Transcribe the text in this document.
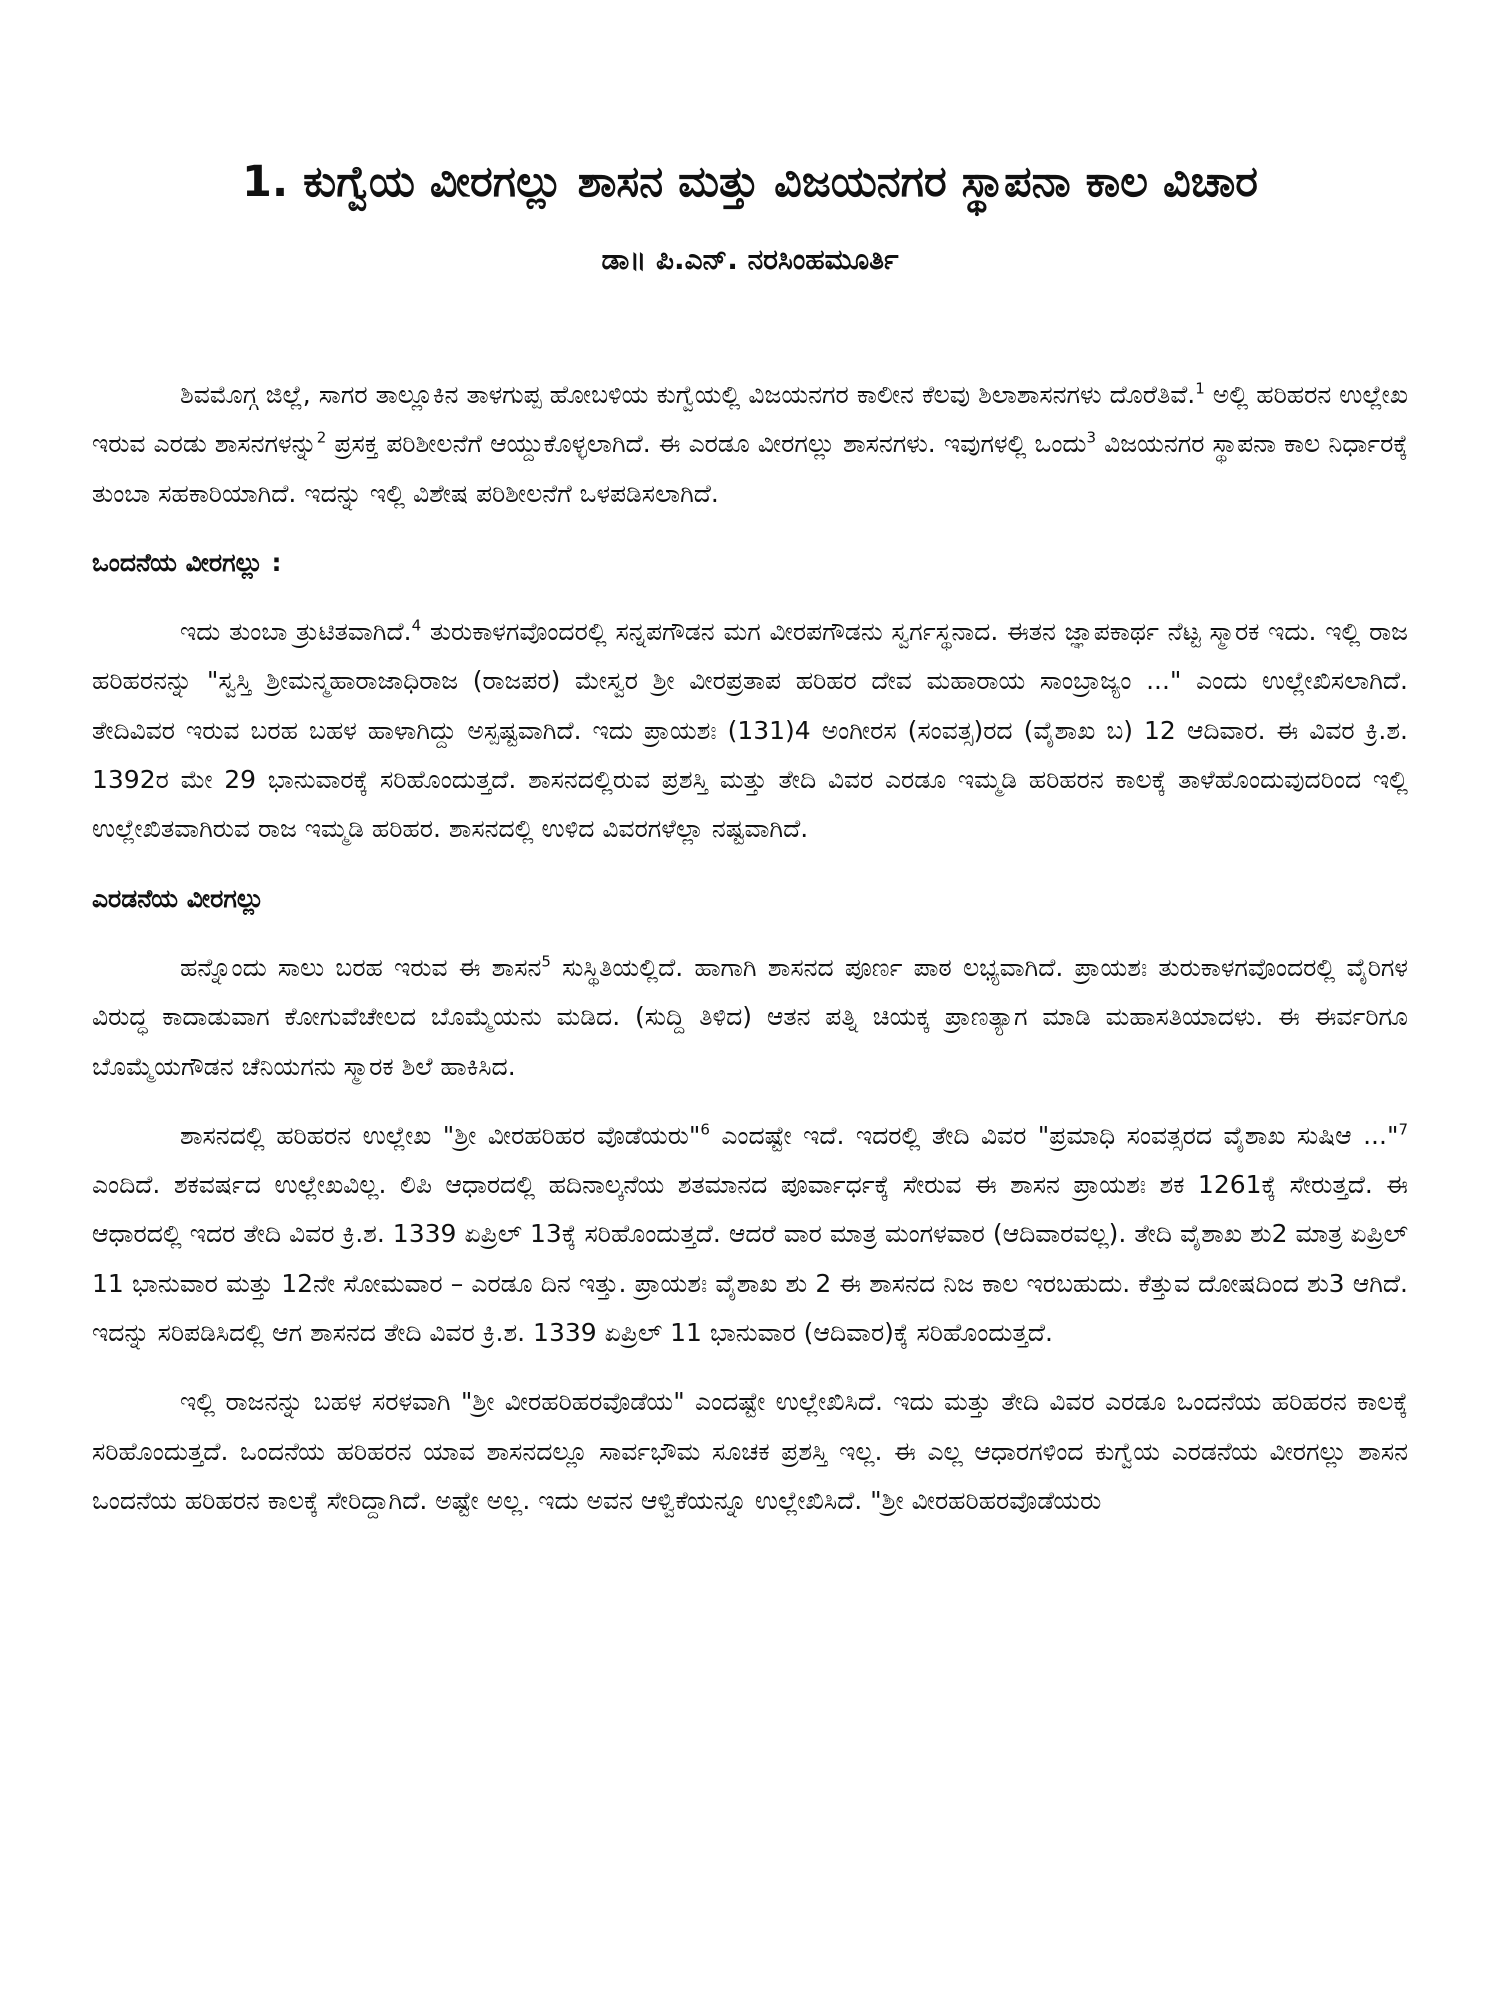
1. ಕುಗ್ವೆಯ ವೀರಗಲ್ಲು ಶಾಸನ ಮತ್ತು ವಿಜಯನಗರ ಸ್ಥಾಪನಾ ಕಾಲ ವಿಚಾರ
ಡಾ॥ ಪಿ.ಎನ್. ನರಸಿಂಹಮೂರ್ತಿ

ಶಿವಮೊಗ್ಗ ಜಿಲ್ಲೆ, ಸಾಗರ ತಾಲ್ಲೂಕಿನ ತಾಳಗುಪ್ಪ ಹೋಬಳಿಯ ಕುಗ್ವೆಯಲ್ಲಿ ವಿಜಯನಗರ ಕಾಲೀನ ಕೆಲವು ಶಿಲಾಶಾಸನಗಳು ದೊರೆತಿವೆ.$^1$ ಅಲ್ಲಿ ಹರಿಹರನ ಉಲ್ಲೇಖ ಇರುವ ಎರಡು ಶಾಸನಗಳನ್ನು$^2$ ಪ್ರಸಕ್ತ ಪರಿಶೀಲನೆಗೆ ಆಯ್ದುಕೊಳ್ಳಲಾಗಿದೆ. ಈ ಎರಡೂ ವೀರಗಲ್ಲು ಶಾಸನಗಳು. ಇವುಗಳಲ್ಲಿ ಒಂದು$^3$ ವಿಜಯನಗರ ಸ್ಥಾಪನಾ ಕಾಲ ನಿರ್ಧಾರಕ್ಕೆ ತುಂಬಾ ಸಹಕಾರಿಯಾಗಿದೆ. ಇದನ್ನು ಇಲ್ಲಿ ವಿಶೇಷ ಪರಿಶೀಲನೆಗೆ ಒಳಪಡಿಸಲಾಗಿದೆ.

ಒಂದನೆಯ ವೀರಗಲ್ಲು :

ಇದು ತುಂಬಾ ತ್ರುಟಿತವಾಗಿದೆ.$^4$ ತುರುಕಾಳಗವೊಂದರಲ್ಲಿ ಸನ್ನಪಗೌಡನ ಮಗ ವೀರಪಗೌಡನು ಸ್ವರ್ಗಸ್ಥನಾದ. ಈತನ ಜ್ಞಾಪಕಾರ್ಥ ನೆಟ್ಟ ಸ್ಮಾರಕ ಇದು. ಇಲ್ಲಿ ರಾಜ ಹರಿಹರನನ್ನು "ಸ್ವಸ್ತಿ ಶ್ರೀಮನ್ಮಹಾರಾಜಾಧಿರಾಜ (ರಾಜಪರ) ಮೇಸ್ವರ ಶ್ರೀ ವೀರಪ್ರತಾಪ ಹರಿಹರ ದೇವ ಮಹಾರಾಯ ಸಾಂಬ್ರಾಜ್ಯಂ ..." ಎಂದು ಉಲ್ಲೇಖಿಸಲಾಗಿದೆ. ತೇದಿವಿವರ ಇರುವ ಬರಹ ಬಹಳ ಹಾಳಾಗಿದ್ದು ಅಸ್ಪಷ್ಟವಾಗಿದೆ. ಇದು ಪ್ರಾಯಶಃ (131)4 ಅಂಗೀರಸ (ಸಂವತ್ಸ)ರದ (ವೈಶಾಖ ಬ) 12 ಆದಿವಾರ. ಈ ವಿವರ ಕ್ರಿ.ಶ. 1392ರ ಮೇ 29 ಭಾನುವಾರಕ್ಕೆ ಸರಿಹೊಂದುತ್ತದೆ. ಶಾಸನದಲ್ಲಿರುವ ಪ್ರಶಸ್ತಿ ಮತ್ತು ತೇದಿ ವಿವರ ಎರಡೂ ಇಮ್ಮಡಿ ಹರಿಹರನ ಕಾಲಕ್ಕೆ ತಾಳೆಹೊಂದುವುದರಿಂದ ಇಲ್ಲಿ ಉಲ್ಲೇಖಿತವಾಗಿರುವ ರಾಜ ಇಮ್ಮಡಿ ಹರಿಹರ. ಶಾಸನದಲ್ಲಿ ಉಳಿದ ವಿವರಗಳೆಲ್ಲಾ ನಷ್ಟವಾಗಿದೆ.

ಎರಡನೆಯ ವೀರಗಲ್ಲು

ಹನ್ನೊಂದು ಸಾಲು ಬರಹ ಇರುವ ಈ ಶಾಸನ$^5$ ಸುಸ್ಥಿತಿಯಲ್ಲಿದೆ. ಹಾಗಾಗಿ ಶಾಸನದ ಪೂರ್ಣ ಪಾಠ ಲಭ್ಯವಾಗಿದೆ. ಪ್ರಾಯಶಃ ತುರುಕಾಳಗವೊಂದರಲ್ಲಿ ವೈರಿಗಳ ವಿರುದ್ಧ ಕಾದಾಡುವಾಗ ಕೋಗುವೆಚೇಲದ ಬೊಮ್ಮೆಯನು ಮಡಿದ. (ಸುದ್ದಿ ತಿಳಿದ) ಆತನ ಪತ್ನಿ ಚಿಯಕ್ಕ ಪ್ರಾಣತ್ಯಾಗ ಮಾಡಿ ಮಹಾಸತಿಯಾದಳು. ಈ ಈರ್ವರಿಗೂ ಬೊಮ್ಮೆಯಗೌಡನ ಚೆನಿಯಗನು ಸ್ಮಾರಕ ಶಿಲೆ ಹಾಕಿಸಿದ.

ಶಾಸನದಲ್ಲಿ ಹರಿಹರನ ಉಲ್ಲೇಖ "ಶ್ರೀ ವೀರಹರಿಹರ ವೊಡೆಯರು"$^6$ ಎಂದಷ್ಟೇ ಇದೆ. ಇದರಲ್ಲಿ ತೇದಿ ವಿವರ "ಪ್ರಮಾಧಿ ಸಂವತ್ಸರದ ವೈಶಾಖ ಸುಷಿಆ ..."$^7$ ಎಂದಿದೆ. ಶಕವರ್ಷದ ಉಲ್ಲೇಖವಿಲ್ಲ. ಲಿಪಿ ಆಧಾರದಲ್ಲಿ ಹದಿನಾಲ್ಕನೆಯ ಶತಮಾನದ ಪೂರ್ವಾರ್ಧಕ್ಕೆ ಸೇರುವ ಈ ಶಾಸನ ಪ್ರಾಯಶಃ ಶಕ 1261ಕ್ಕೆ ಸೇರುತ್ತದೆ. ಈ ಆಧಾರದಲ್ಲಿ ಇದರ ತೇದಿ ವಿವರ ಕ್ರಿ.ಶ. 1339 ಏಪ್ರಿಲ್ 13ಕ್ಕೆ ಸರಿಹೊಂದುತ್ತದೆ. ಆದರೆ ವಾರ ಮಾತ್ರ ಮಂಗಳವಾರ (ಆದಿವಾರವಲ್ಲ). ತೇದಿ ವೈಶಾಖ ಶು2 ಮಾತ್ರ ಏಪ್ರಿಲ್ 11 ಭಾನುವಾರ ಮತ್ತು 12ನೇ ಸೋಮವಾರ – ಎರಡೂ ದಿನ ಇತ್ತು. ಪ್ರಾಯಶಃ ವೈಶಾಖ ಶು 2 ಈ ಶಾಸನದ ನಿಜ ಕಾಲ ಇರಬಹುದು. ಕೆತ್ತುವ ದೋಷದಿಂದ ಶು3 ಆಗಿದೆ. ಇದನ್ನು ಸರಿಪಡಿಸಿದಲ್ಲಿ ಆಗ ಶಾಸನದ ತೇದಿ ವಿವರ ಕ್ರಿ.ಶ. 1339 ಏಪ್ರಿಲ್ 11 ಭಾನುವಾರ (ಆದಿವಾರ)ಕ್ಕೆ ಸರಿಹೊಂದುತ್ತದೆ.

ಇಲ್ಲಿ ರಾಜನನ್ನು ಬಹಳ ಸರಳವಾಗಿ "ಶ್ರೀ ವೀರಹರಿಹರವೊಡೆಯ" ಎಂದಷ್ಟೇ ಉಲ್ಲೇಖಿಸಿದೆ. ಇದು ಮತ್ತು ತೇದಿ ವಿವರ ಎರಡೂ ಒಂದನೆಯ ಹರಿಹರನ ಕಾಲಕ್ಕೆ ಸರಿಹೊಂದುತ್ತದೆ. ಒಂದನೆಯ ಹರಿಹರನ ಯಾವ ಶಾಸನದಲ್ಲೂ ಸಾರ್ವಭೌಮ ಸೂಚಕ ಪ್ರಶಸ್ತಿ ಇಲ್ಲ. ಈ ಎಲ್ಲ ಆಧಾರಗಳಿಂದ ಕುಗ್ವೆಯ ಎರಡನೆಯ ವೀರಗಲ್ಲು ಶಾಸನ ಒಂದನೆಯ ಹರಿಹರನ ಕಾಲಕ್ಕೆ ಸೇರಿದ್ದಾಗಿದೆ. ಅಷ್ಟೇ ಅಲ್ಲ. ಇದು ಅವನ ಆಳ್ವಿಕೆಯನ್ನೂ ಉಲ್ಲೇಖಿಸಿದೆ. "ಶ್ರೀ ವೀರಹರಿಹರವೊಡೆಯರು
